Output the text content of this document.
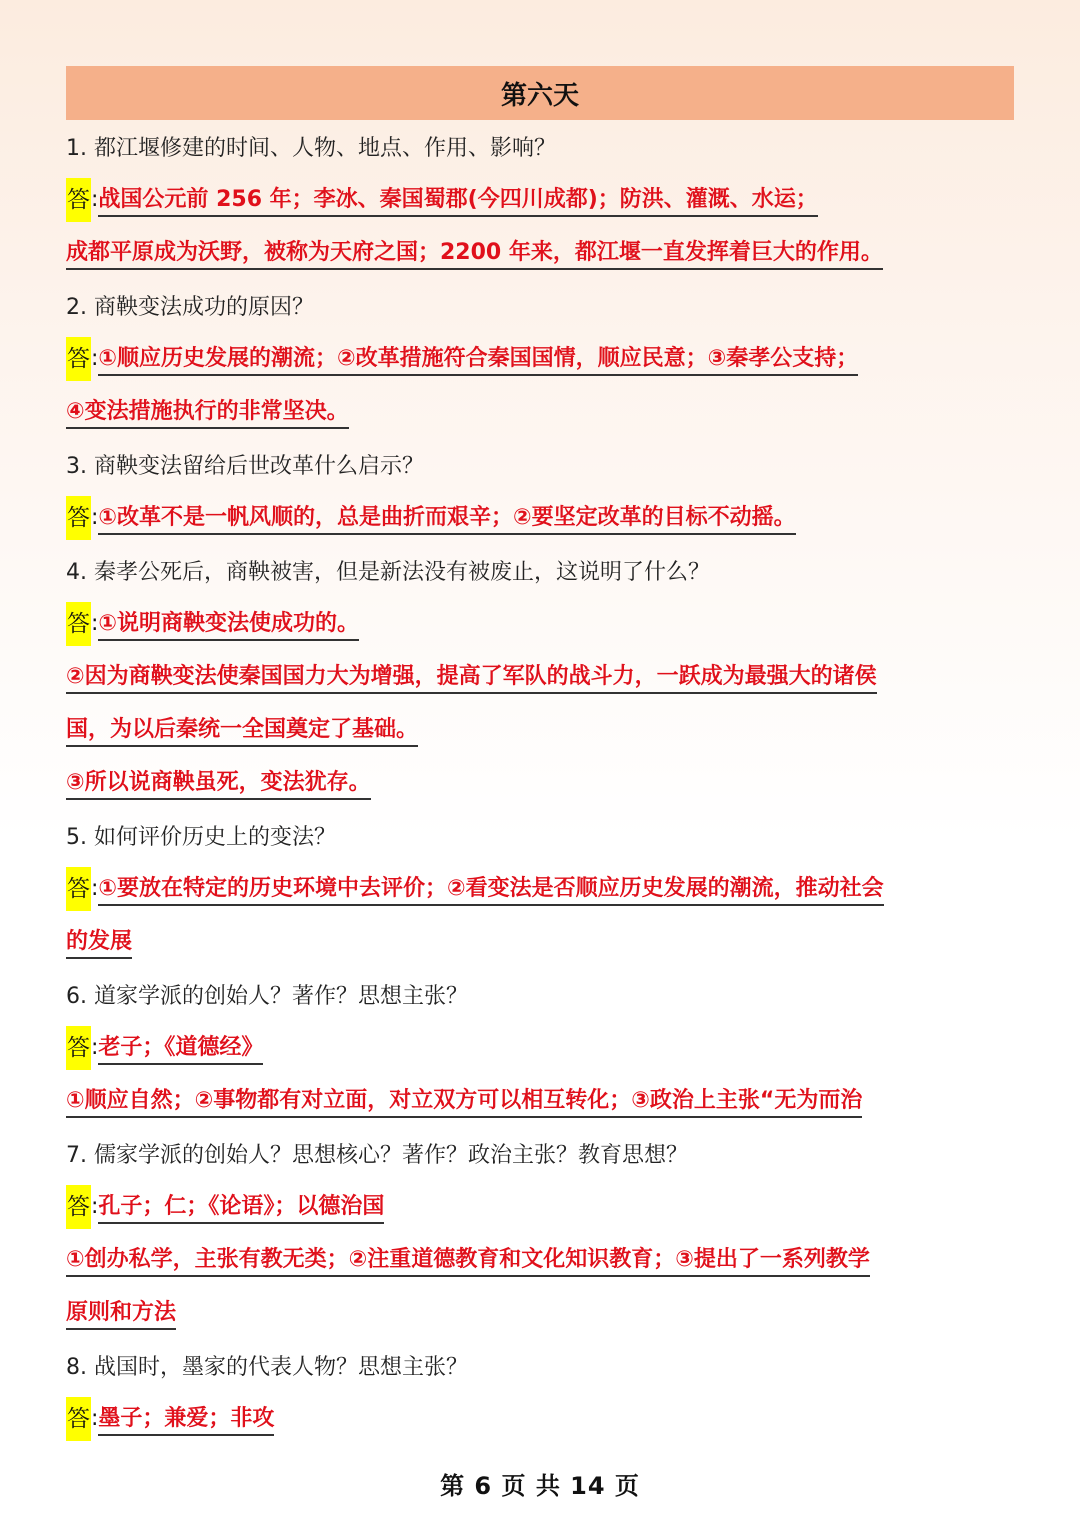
第六天
1. 都江堰修建的时间、人物、地点、作用、影响？
答 : 战国公元前 256 年；李冰、秦国蜀郡(今四川成都)；防洪、灌溉、水运；
成都平原成为沃野，被称为天府之国；2200 年来，都江堰一直发挥着巨大的作用。
2. 商鞅变法成功的原因？
答 : ①顺应历史发展的潮流；②改革措施符合秦国国情，顺应民意；③秦孝公支持；
④变法措施执行的非常坚决。
3. 商鞅变法留给后世改革什么启示？
答 : ①改革不是一帆风顺的，总是曲折而艰辛；②要坚定改革的目标不动摇。
4. 秦孝公死后，商鞅被害，但是新法没有被废止，这说明了什么？
答 : ①说明商鞅变法使成功的。
②因为商鞅变法使秦国国力大为增强，提高了军队的战斗力，一跃成为最强大的诸侯
国，为以后秦统一全国奠定了基础。
③所以说商鞅虽死，变法犹存。
5. 如何评价历史上的变法？
答 : ①要放在特定的历史环境中去评价；②看变法是否顺应历史发展的潮流，推动社会
的发展
6. 道家学派的创始人？著作？思想主张？
答 : 老子；《道德经》
①顺应自然；②事物都有对立面，对立双方可以相互转化；③政治上主张“无为而治
7. 儒家学派的创始人？思想核心？著作？政治主张？教育思想？
答 : 孔子；仁；《论语》；以德治国
①创办私学，主张有教无类；②注重道德教育和文化知识教育；③提出了一系列教学
原则和方法
8. 战国时，墨家的代表人物？思想主张？
答 : 墨子；兼爱；非攻
第 6 页 共 14 页
